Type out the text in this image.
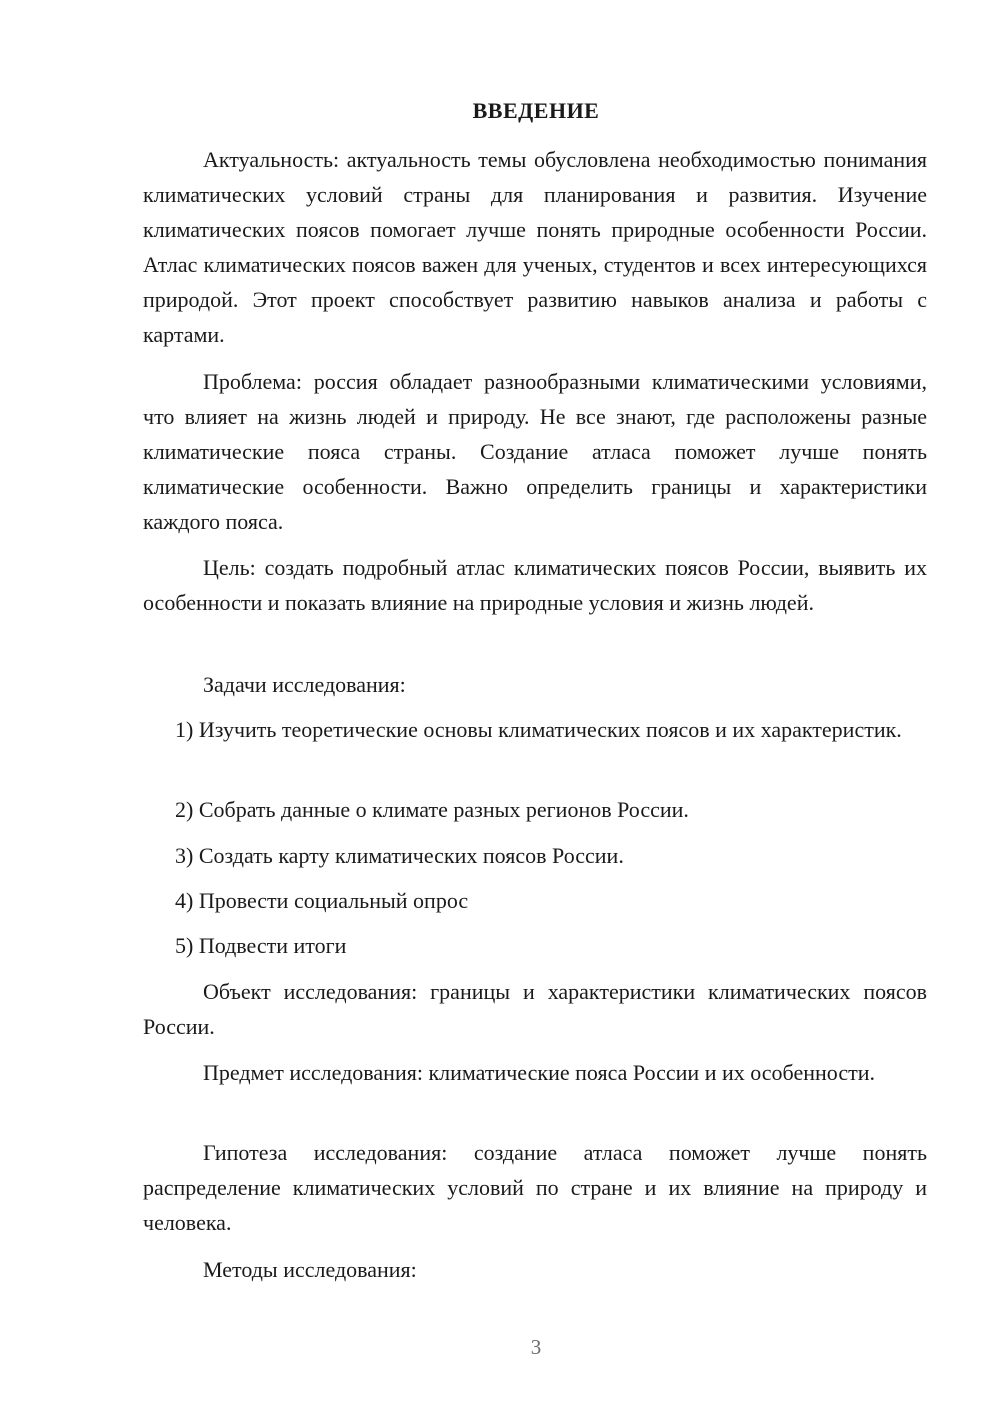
ВВЕДЕНИЕ

Актуальность: актуальность темы обусловлена необходимостью понимания климатических условий страны для планирования и развития. Изучение климатических поясов помогает лучше понять природные особенности России. Атлас климатических поясов важен для ученых, студентов и всех интересующихся природой. Этот проект способствует развитию навыков анализа и работы с картами.

Проблема: россия обладает разнообразными климатическими условиями, что влияет на жизнь людей и природу. Не все знают, где расположены разные климатические пояса страны. Создание атласа поможет лучше понять климатические особенности. Важно определить границы и характеристики каждого пояса.

Цель: создать подробный атлас климатических поясов России, выявить их особенности и показать влияние на природные условия и жизнь людей.

Задачи исследования:

1) Изучить теоретические основы климатических поясов и их характеристик.

2) Собрать данные о климате разных регионов России.

3) Создать карту климатических поясов России.

4) Провести социальный опрос

5) Подвести итоги

Объект исследования: границы и характеристики климатических поясов России.

Предмет исследования: климатические пояса России и их особенности.

Гипотеза исследования: создание атласа поможет лучше понять распределение климатических условий по стране и их влияние на природу и человека.

Методы исследования:

3
